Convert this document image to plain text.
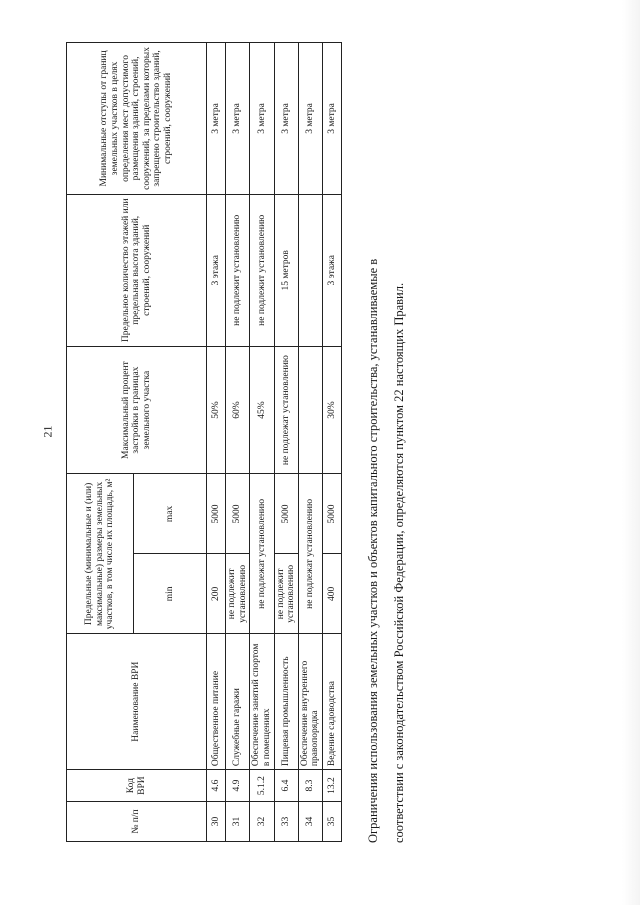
21
№ п/п	Код ВРИ	Наименование ВРИ	Предельные (минимальные и (или) максимальные) размеры земельных участков, в том числе их площадь, м²		Максимальный процент застройки в границах земельного участка	Предельное количество этажей или предельная высота зданий, строений, сооружений	Минимальные отступы от границ земельных участков в целях определения мест допустимого размещения зданий, строений, сооружений, за пределами которых запрещено строительство зданий, строений, сооружений
			min	max			
30	4.6	Общественное питание	200	5000	50%	3 этажа	3 метра
31	4.9	Служебные гаражи	не подлежит установлению	5000	60%	не подлежит установлению	3 метра
32	5.1.2	Обеспечение занятий спортом в помещениях	не подлежат установлению		45%	не подлежит установлению	3 метра
33	6.4	Пищевая промышленность	не подлежит установлению	5000	не подлежат установлению	15 метров	3 метра
34	8.3	Обеспечение внутреннего правопорядка	не подлежат установлению				3 метра
35	13.2	Ведение садоводства	400	5000	30%	3 этажа	3 метра
Ограничения использования земельных участков и объектов капитального строительства, устанавливаемые в соответствии с законодательством Российской Федерации, определяются пунктом 22 настоящих Правил.
